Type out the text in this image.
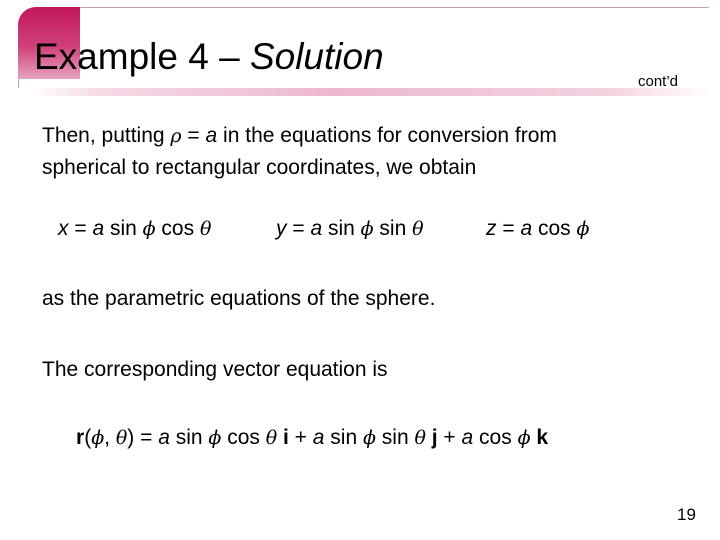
Example 4 – Solution
cont’d
Then, putting ρ = a in the equations for conversion from
spherical to rectangular coordinates, we obtain
x = a sin ϕ cos θ	y = a sin ϕ sin θ	z = a cos ϕ
as the parametric equations of the sphere.
The corresponding vector equation is
r(ϕ, θ) = a sin ϕ cos θ i + a sin ϕ sin θ j + a cos ϕ k
19
